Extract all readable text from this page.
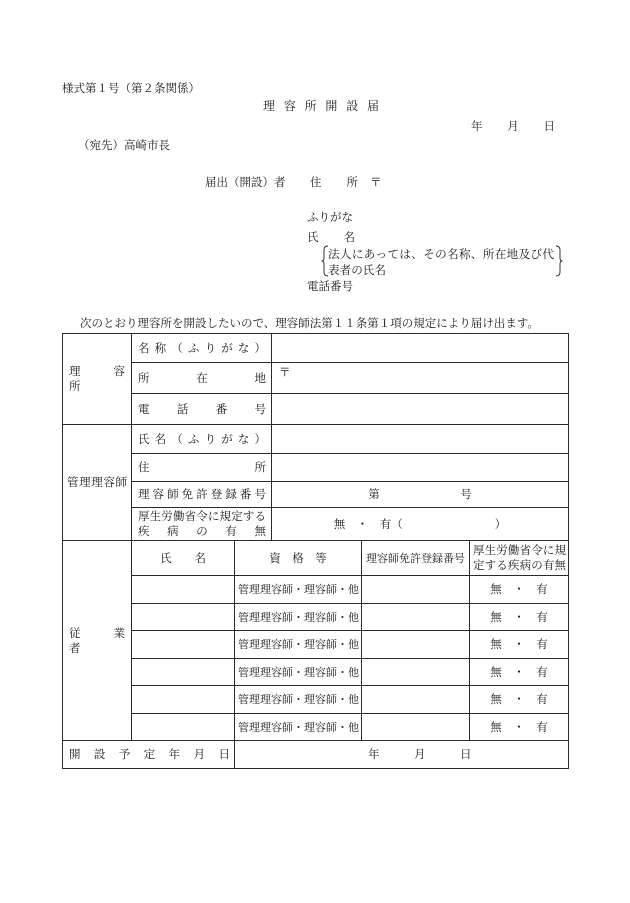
様式第１号（第２条関係）
理 容 所 開 設 届
年　　月　　日
（宛先）高崎市長
届出（開設）者 住　　所 〒
ふりがな
氏　　名
法人にあっては、その名称、所在地及び代
表者の氏名
電話番号
次のとおり理容所を開設したいので、理容師法第１１条第１項の規定により届け出ます。
理　容　所	名 称 （ ふ り が な ）				
	所　在　地		〒		
	電　話　番　号				
管理理容師	氏 名 （ ふ り が な ）				
	住　　所				
	理容師免許登録番号		第　　　　　　　号		

	厚生労働省令に規定する
疾　病　の　有　無		無　・　有（　　　　　　　　）		
従　業　者	氏　　名	資　格　等		理容師免許登録番号	厚生労働省令に規
定する疾病の有無

		管理理容師・理容師・他			無　・　有
		管理理容師・理容師・他			無　・　有
		管理理容師・理容師・他			無　・　有
		管理理容師・理容師・他			無　・　有
		管理理容師・理容師・他			無　・　有
		管理理容師・理容師・他			無　・　有
開　設　予　定　年　月　日		年　　　月　　　日			
